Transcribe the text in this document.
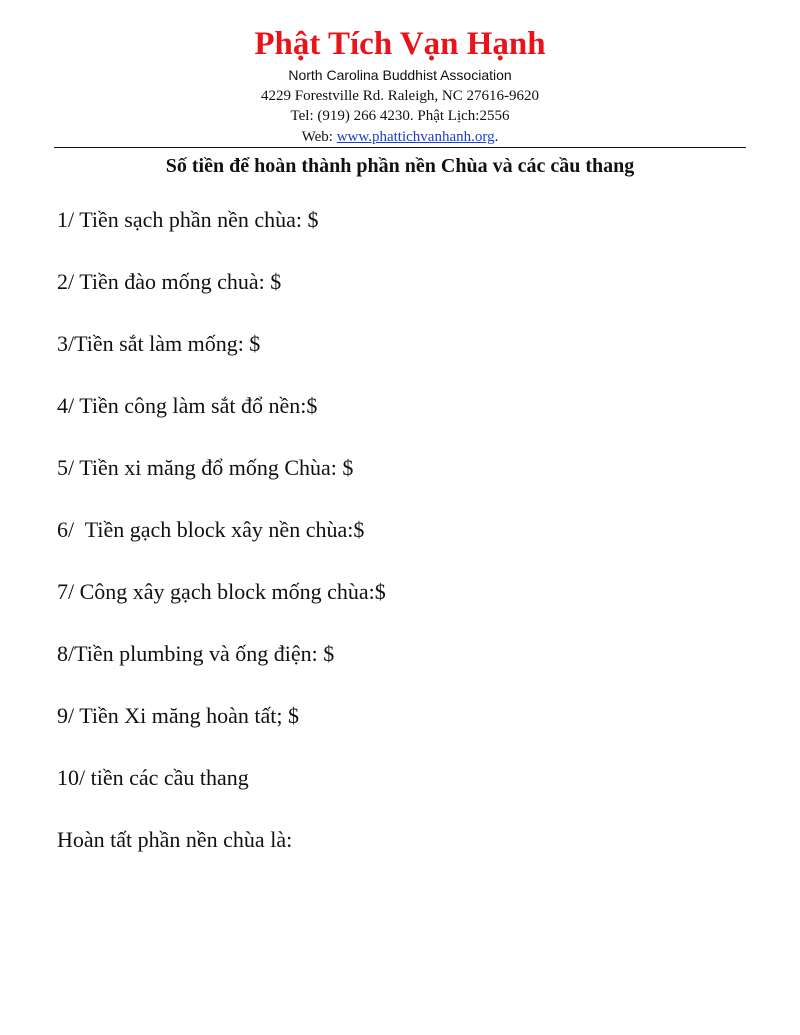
Phật Tích Vạn Hạnh

North Carolina Buddhist Association

4229 Forestville Rd. Raleigh, NC 27616-9620

Tel: (919) 266 4230. Phật Lịch:2556

Web: www.phattichvanhanh.org.

Số tiền để hoàn thành phần nền Chùa và các cầu thang
1/ Tiền sạch phần nền chùa: $
2/ Tiền đào mống chuà: $
3/Tiền sắt làm mống: $
4/ Tiền công làm sắt đổ nền:$
5/ Tiền xi măng đổ mống Chùa: $
6/  Tiền gạch block xây nền chùa:$
7/ Công xây gạch block mống chùa:$
8/Tiền plumbing và ống điện: $
9/ Tiền Xi măng hoàn tất; $
10/ tiền các cầu thang
Hoàn tất phần nền chùa là:
